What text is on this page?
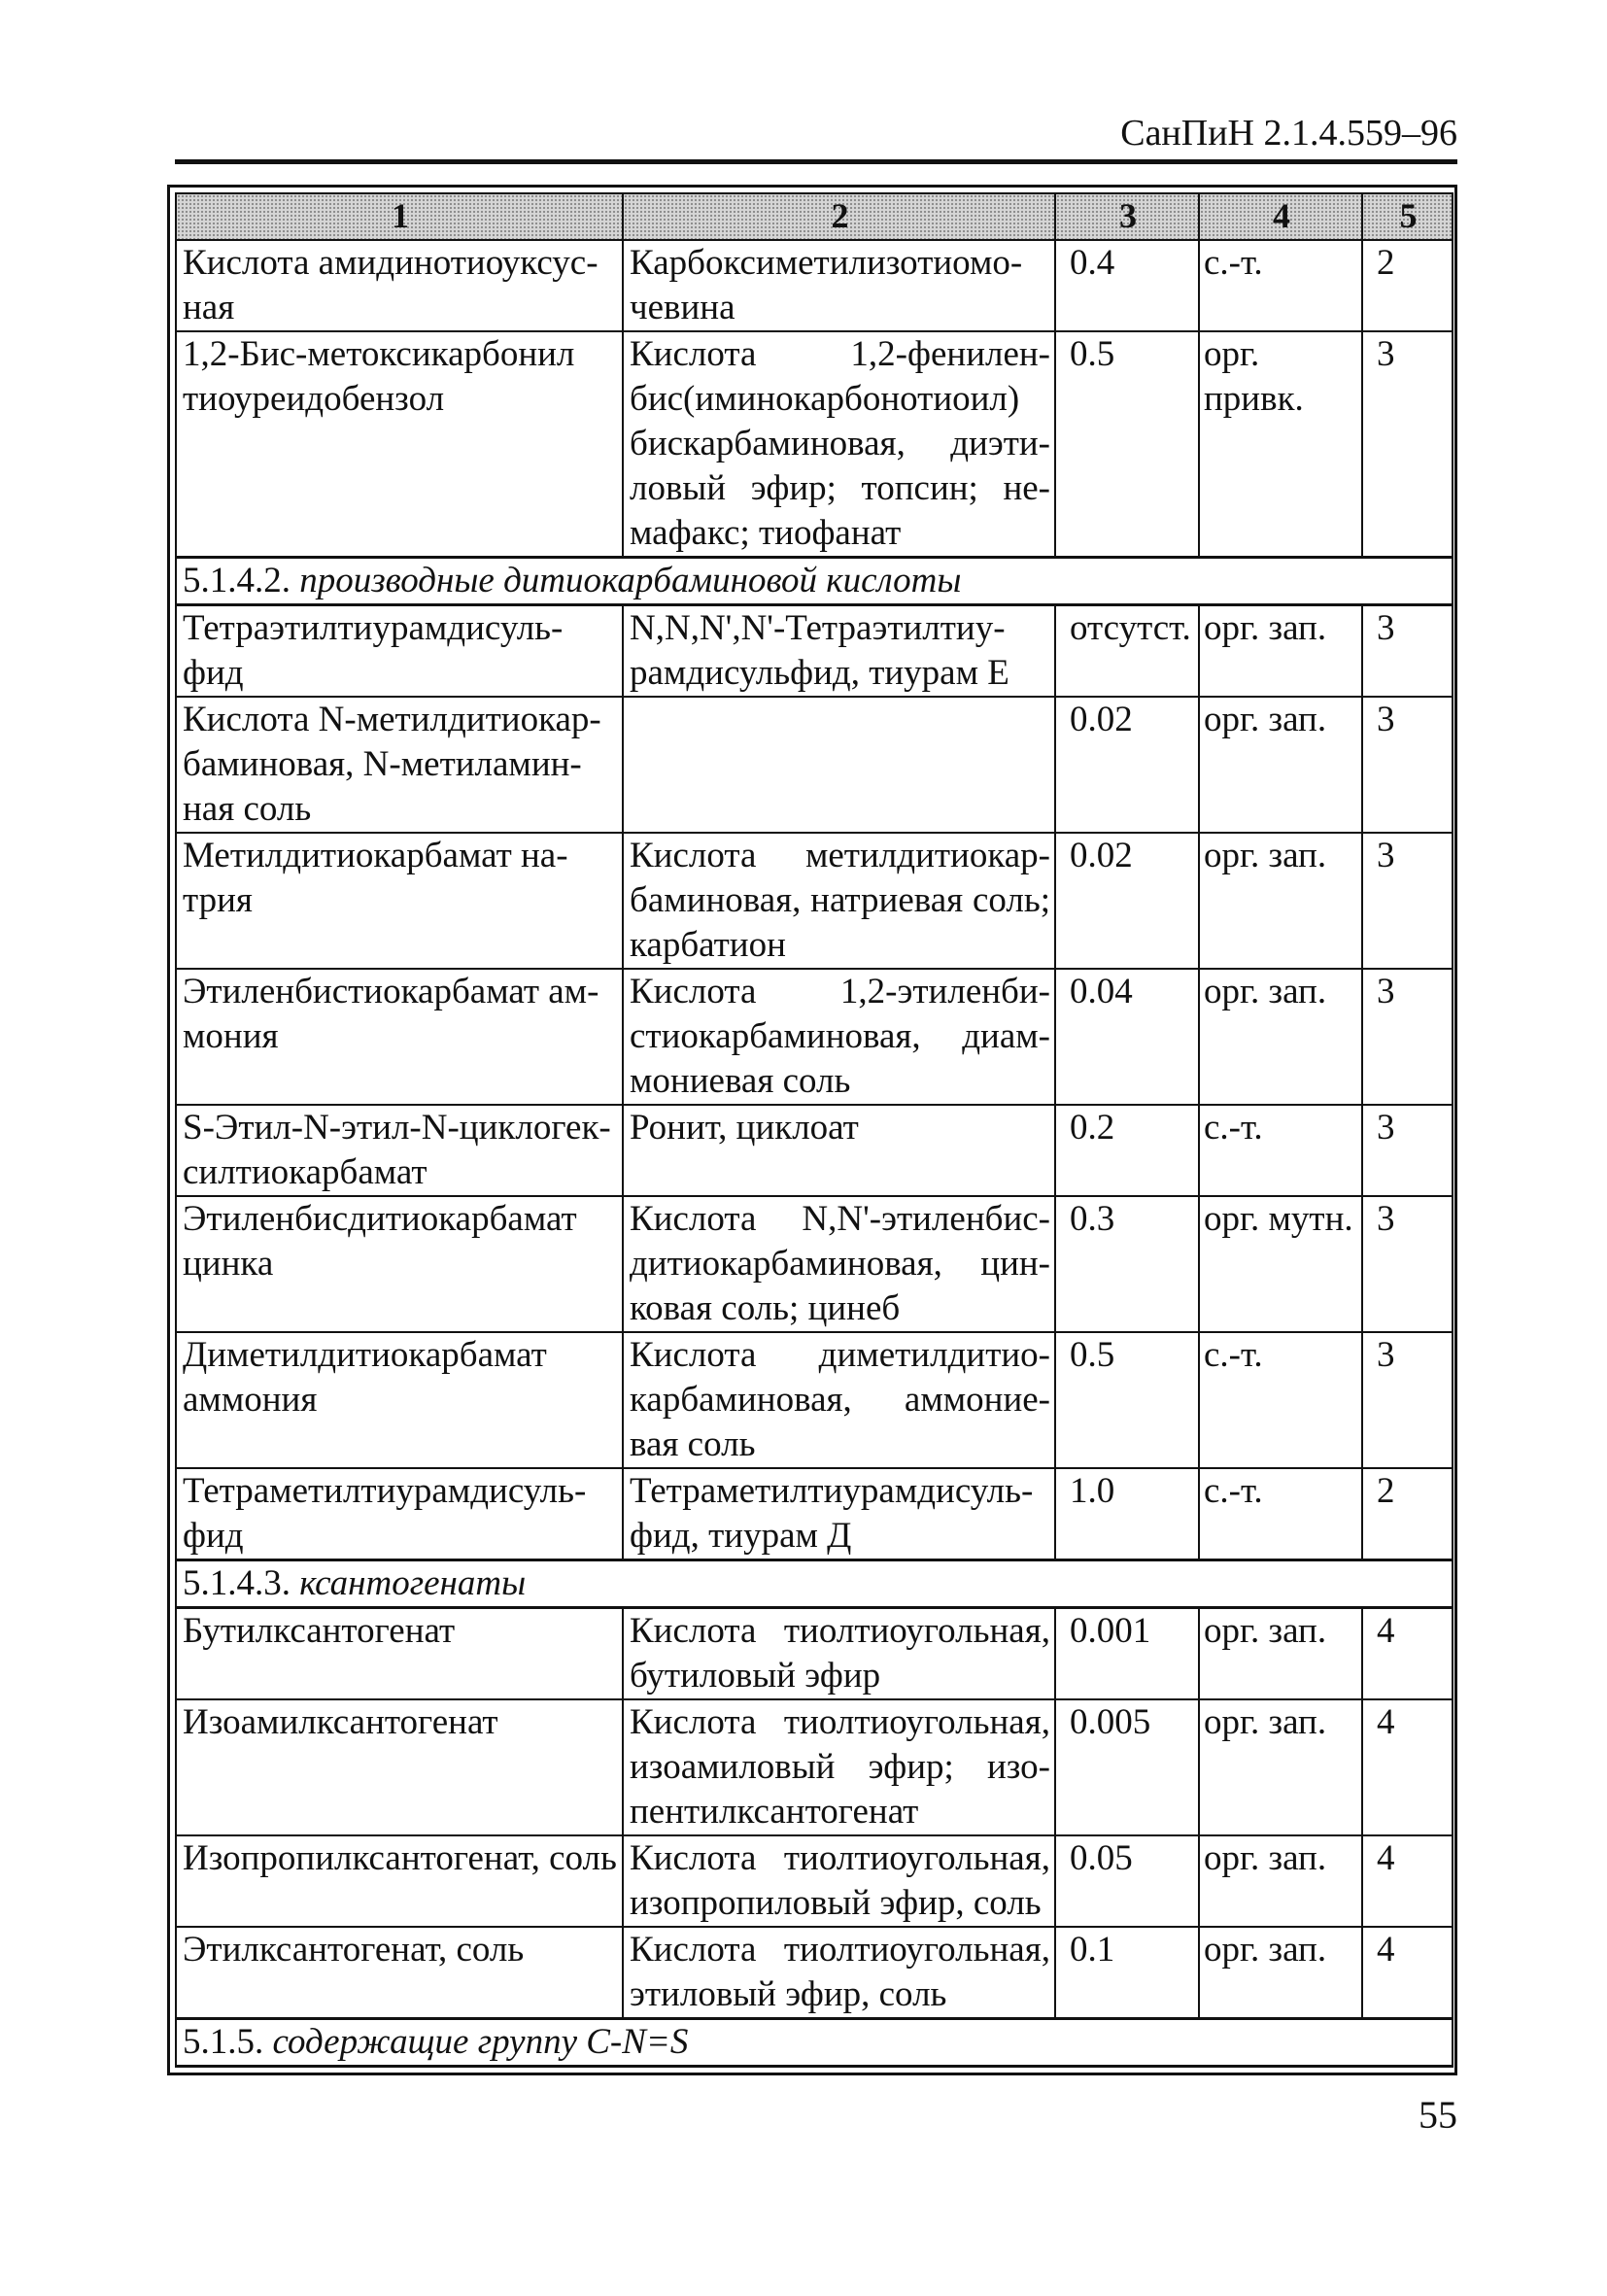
СанПиН 2.1.4.559–96
1	2	3	4	5
Кислота амидинотиоуксус-ная	Карбоксиметилизотиомо-чевина	0.4	с.-т.	2
1,2-Бис-метоксикарбонил тиоуреидобензол	Кислота 1,2-фенилен-бис(иминокарбонотиоил) бискарбаминовая, диэти-ловый эфир; топсин; не-мафакс; тиофанат	0.5	орг. привк.	3
5.1.4.2. производные дитиокарбаминовой кислоты				
Тетраэтилтиурамдисуль-фид	N,N,N',N'-Тетраэтилтиу-рамдисульфид, тиурам Е	отсутст.	орг. зап.	3
Кислота N-метилдитиокар-баминовая, N-метиламин-ная соль		0.02	орг. зап.	3
Метилдитиокарбамат на-трия	Кислота метилдитиокар-баминовая, натриевая соль; карбатион	0.02	орг. зап.	3
Этиленбистиокарбамат ам-мония	Кислота 1,2-этиленби-стиокарбаминовая, диам-мониевая соль	0.04	орг. зап.	3
S-Этил-N-этил-N-циклогек-силтиокарбамат	Ронит, циклоат	0.2	с.-т.	3
Этиленбисдитиокарбамат цинка	Кислота N,N'-этиленбис-дитиокарбаминовая, цин-ковая соль; цинеб	0.3	орг. мутн.	3
Диметилдитиокарбамат аммония	Кислота диметилдитио-карбаминовая, аммоние-вая соль	0.5	с.-т.	3
Тетраметилтиурамдисуль-фид	Тетраметилтиурамдисуль-фид, тиурам Д	1.0	с.-т.	2
5.1.4.3. ксантогенаты				
Бутилксантогенат	Кислота тиолтиоугольная, бутиловый эфир	0.001	орг. зап.	4
Изоамилксантогенат	Кислота тиолтиоугольная, изоамиловый эфир; изо-пентилксантогенат	0.005	орг. зап.	4
Изопропилксантогенат, соль	Кислота тиолтиоугольная, изопропиловый эфир, соль	0.05	орг. зап.	4
Этилксантогенат, соль	Кислота тиолтиоугольная, этиловый эфир, соль	0.1	орг. зап.	4
5.1.5. содержащие группу C-N=S				
55
